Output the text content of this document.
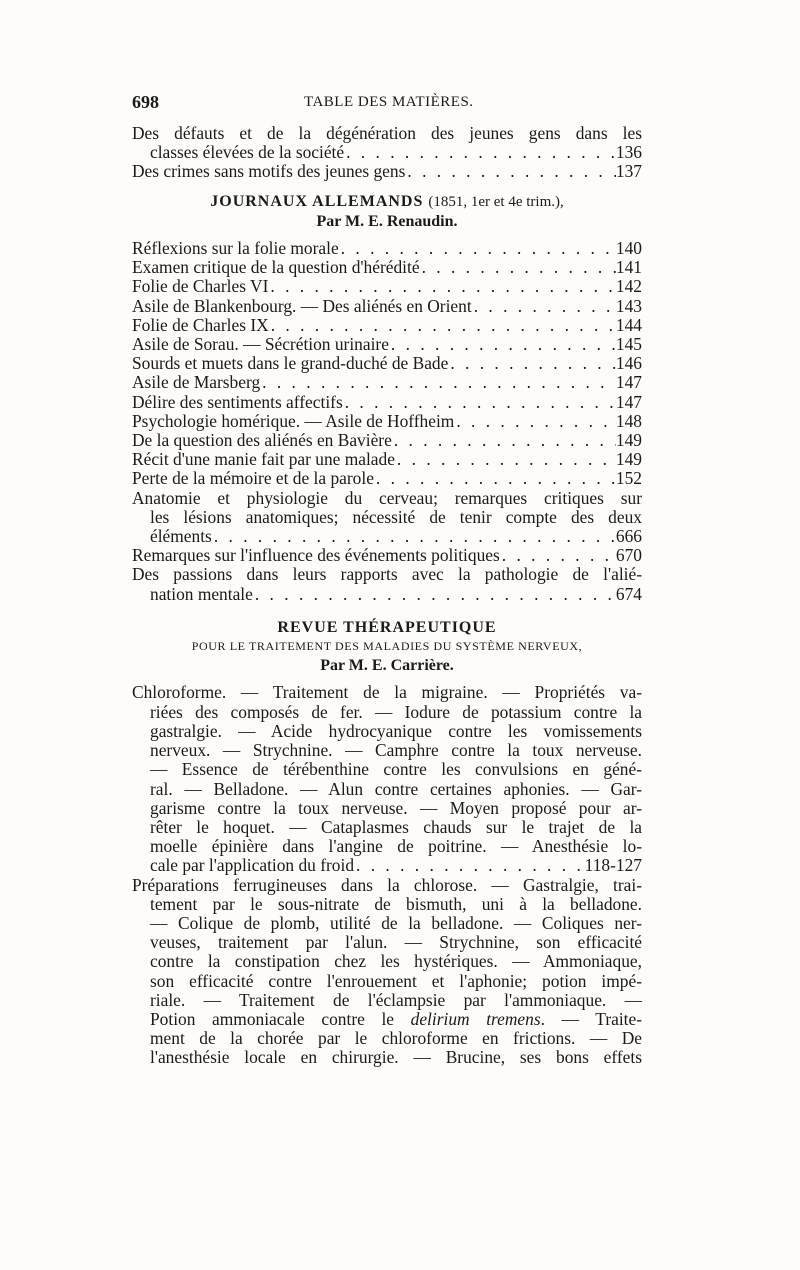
698	TABLE DES MATIÈRES.
Des défauts et de la dégénération des jeunes gens dans les
classes élevées de la société . . .	136
Des crimes sans motifs des jeunes gens . . .	137
JOURNAUX ALLEMANDS (1851, 1er et 4e trim.),
Par M. E. Renaudin.
Réflexions sur la folie morale . . .	140
Examen critique de la question d'hérédité . . .	141
Folie de Charles VI . . .	142
Asile de Blankenbourg. — Des aliénés en Orient . . .	143
Folie de Charles IX . . .	144
Asile de Sorau. — Sécrétion urinaire . . .	145
Sourds et muets dans le grand-duché de Bade . . .	146
Asile de Marsberg . . .	147
Délire des sentiments affectifs . . .	147
Psychologie homérique. — Asile de Hoffheim . . .	148
De la question des aliénés en Bavière . . .	149
Récit d'une manie fait par une malade . . .	149
Perte de la mémoire et de la parole . . .	152
Anatomie et physiologie du cerveau; remarques critiques sur
les lésions anatomiques; nécessité de tenir compte des deux
éléments . . .	666
Remarques sur l'influence des événements politiques . . .	670
Des passions dans leurs rapports avec la pathologie de l'alié-
nation mentale . . .	674
REVUE THÉRAPEUTIQUE
POUR LE TRAITEMENT DES MALADIES DU SYSTÈME NERVEUX,
Par M. E. Carrière.
Chloroforme. — Traitement de la migraine. — Propriétés va-
riées des composés de fer. — Iodure de potassium contre la
gastralgie. — Acide hydrocyanique contre les vomissements
nerveux. — Strychnine. — Camphre contre la toux nerveuse.
— Essence de térébenthine contre les convulsions en géné-
ral. — Belladone. — Alun contre certaines aphonies. — Gar-
garisme contre la toux nerveuse. — Moyen proposé pour ar-
rêter le hoquet. — Cataplasmes chauds sur le trajet de la
moelle épinière dans l'angine de poitrine. — Anesthésie lo-
cale par l'application du froid . . .	118-127
Préparations ferrugineuses dans la chlorose. — Gastralgie, trai-
tement par le sous-nitrate de bismuth, uni à la belladone.
— Colique de plomb, utilité de la belladone. — Coliques ner-
veuses, traitement par l'alun. — Strychnine, son efficacité
contre la constipation chez les hystériques. — Ammoniaque,
son efficacité contre l'enrouement et l'aphonie; potion impé-
riale. — Traitement de l'éclampsie par l'ammoniaque. —
Potion ammoniacale contre le delirium tremens. — Traite-
ment de la chorée par le chloroforme en frictions. — De
l'anesthésie locale en chirurgie. — Brucine, ses bons effets
